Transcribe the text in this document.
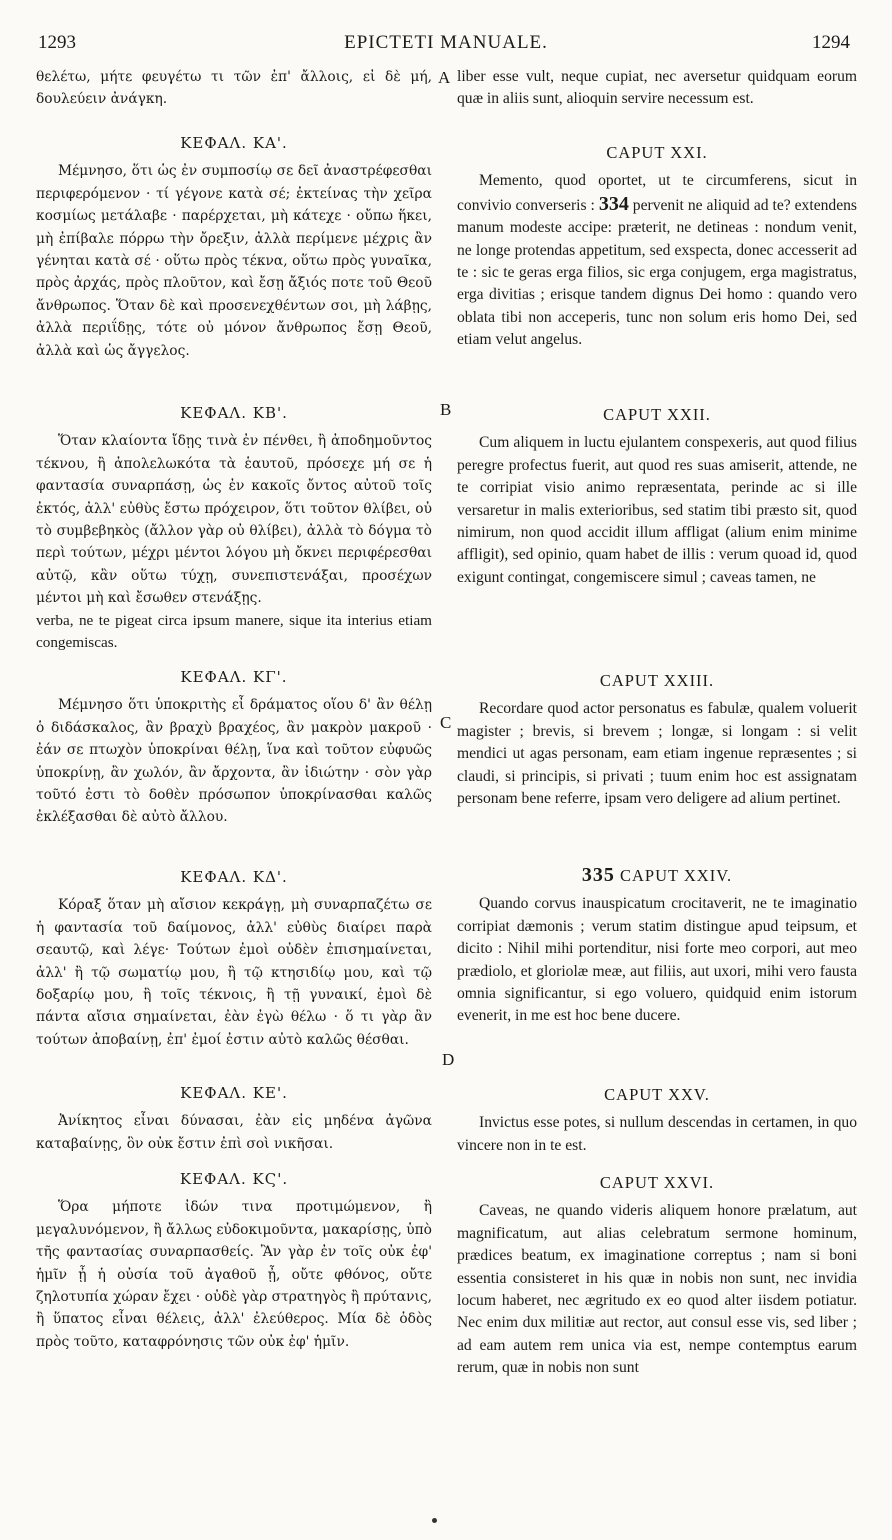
1293	EPICTETI MANUALE.	1294
A
B
C
D

θελέτω, μήτε φευγέτω τι τῶν ἐπ' ἄλλοις, εἰ δὲ μή, δουλεύειν ἀνάγκη.

ΚΕΦΑΛ. ΚΑ'.

Μέμνησο, ὅτι ὡς ἐν συμποσίῳ σε δεῖ ἀναστρέφεσθαι περιφερόμενον · τί γέγονε κατὰ σέ; ἐκτείνας τὴν χεῖρα κοσμίως μετάλαβε · παρέρχεται, μὴ κάτεχε · οὔπω ἥκει, μὴ ἐπίβαλε πόρρω τὴν ὄρεξιν, ἀλλὰ περίμενε μέχρις ἂν γένηται κατὰ σέ · οὕτω πρὸς τέκνα, οὕτω πρὸς γυναῖκα, πρὸς ἀρχάς, πρὸς πλοῦτον, καὶ ἔσῃ ἄξιός ποτε τοῦ Θεοῦ ἄνθρωπος. Ὅταν δὲ καὶ προσενεχθέντων σοι, μὴ λάβῃς, ἀλλὰ περιΐδῃς, τότε οὐ μόνον ἄνθρωπος ἔσῃ Θεοῦ, ἀλλὰ καὶ ὡς ἄγγελος.

ΚΕΦΑΛ. ΚΒ'.

Ὅταν κλαίοντα ἴδῃς τινὰ ἐν πένθει, ἢ ἀποδημοῦντος τέκνου, ἢ ἀπολελωκότα τὰ ἑαυτοῦ, πρόσεχε μή σε ἡ φαντασία συναρπάσῃ, ὡς ἐν κακοῖς ὄντος αὐτοῦ τοῖς ἐκτός, ἀλλ' εὐθὺς ἔστω πρόχειρον, ὅτι τοῦτον θλίβει, οὐ τὸ συμβεβηκὸς (ἄλλον γὰρ οὐ θλίβει), ἀλλὰ τὸ δόγμα τὸ περὶ τούτων, μέχρι μέντοι λόγου μὴ ὄκνει περιφέρεσθαι αὐτῷ, κἂν οὕτω τύχῃ, συνεπιστενάξαι, προσέχων μέντοι μὴ καὶ ἔσωθεν στενάξῃς.

verba, ne te pigeat circa ipsum manere, sique ita interius etiam congemiscas.

ΚΕΦΑΛ. ΚΓ'.

Μέμνησο ὅτι ὑποκριτὴς εἶ δράματος οἵου δ' ἂν θέλῃ ὁ διδάσκαλος, ἂν βραχὺ βραχέος, ἂν μακρὸν μακροῦ · ἐάν σε πτωχὸν ὑποκρίναι θέλῃ, ἵνα καὶ τοῦτον εὐφυῶς ὑποκρίνῃ, ἂν χωλόν, ἂν ἄρχοντα, ἂν ἰδιώτην · σὸν γὰρ τοῦτό ἐστι τὸ δοθὲν πρόσωπον ὑποκρίνασθαι καλῶς ἐκλέξασθαι δὲ αὐτὸ ἄλλου.

ΚΕΦΑΛ. ΚΔ'.

Κόραξ ὅταν μὴ αἴσιον κεκράγῃ, μὴ συναρπαζέτω σε ἡ φαντασία τοῦ δαίμονος, ἀλλ' εὐθὺς διαίρει παρὰ σεαυτῷ, καὶ λέγε· Τούτων ἐμοὶ οὐδὲν ἐπισημαίνεται, ἀλλ' ἢ τῷ σωματίῳ μου, ἢ τῷ κτησιδίῳ μου, καὶ τῷ δοξαρίῳ μου, ἢ τοῖς τέκνοις, ἢ τῇ γυναικί, ἐμοὶ δὲ πάντα αἴσια σημαίνεται, ἐὰν ἐγὼ θέλω · ὅ τι γὰρ ἂν τούτων ἀποβαίνῃ, ἐπ' ἐμοί ἐστιν αὐτὸ καλῶς θέσθαι.

ΚΕΦΑΛ. ΚΕ'.

Ἀνίκητος εἶναι δύνασαι, ἐὰν εἰς μηδένα ἀγῶνα καταβαίνῃς, ὃν οὐκ ἔστιν ἐπὶ σοὶ νικῆσαι.

ΚΕΦΑΛ. ΚϚ'.

Ὅρα μήποτε ἰδών τινα προτιμώμενον, ἢ μεγαλυνόμενον, ἢ ἄλλως εὐδοκιμοῦντα, μακαρίσῃς, ὑπὸ τῆς φαντασίας συναρπασθείς. Ἂν γὰρ ἐν τοῖς οὐκ ἐφ' ἡμῖν ᾖ ἡ οὐσία τοῦ ἀγαθοῦ ᾖ, οὔτε φθόνος, οὔτε ζηλοτυπία χώραν ἔχει · οὐδὲ γὰρ στρατηγὸς ἢ πρύτανις, ἢ ὕπατος εἶναι θέλεις, ἀλλ' ἐλεύθερος. Μία δὲ ὁδὸς πρὸς τοῦτο, καταφρόνησις τῶν οὐκ ἐφ' ἡμῖν.

liber esse vult, neque cupiat, nec aversetur quidquam eorum quæ in aliis sunt, alioquin servire necessum est.

CAPUT XXI.

Memento, quod oportet, ut te circumferens, sicut in convivio converseris : 334 pervenit ne aliquid ad te? extendens manum modeste accipe: præterit, ne detineas : nondum venit, ne longe protendas appetitum, sed exspecta, donec accesserit ad te : sic te geras erga filios, sic erga conjugem, erga magistratus, erga divitias ; erisque tandem dignus Dei homo : quando vero oblata tibi non acceperis, tunc non solum eris homo Dei, sed etiam velut angelus.

CAPUT XXII.

Cum aliquem in luctu ejulantem conspexeris, aut quod filius peregre profectus fuerit, aut quod res suas amiserit, attende, ne te corripiat visio animo repræsentata, perinde ac si ille versaretur in malis exterioribus, sed statim tibi præsto sit, quod nimirum, non quod accidit illum affligat (alium enim minime affligit), sed opinio, quam habet de illis : verum quoad id, quod exigunt contingat, congemiscere simul ; caveas tamen, ne

CAPUT XXIII.

Recordare quod actor personatus es fabulæ, qualem voluerit magister ; brevis, si brevem ; longæ, si longam : si velit mendici ut agas personam, eam etiam ingenue repræsentes ; si claudi, si principis, si privati ; tuum enim hoc est assignatam personam bene referre, ipsam vero deligere ad alium pertinet.

335 CAPUT XXIV.

Quando corvus inauspicatum crocitaverit, ne te imaginatio corripiat dæmonis ; verum statim distingue apud teipsum, et dicito : Nihil mihi portenditur, nisi forte meo corpori, aut meo prædiolo, et gloriolæ meæ, aut filiis, aut uxori, mihi vero fausta omnia significantur, si ego voluero, quidquid enim istorum evenerit, in me est hoc bene ducere.

CAPUT XXV.

Invictus esse potes, si nullum descendas in certamen, in quo vincere non in te est.

CAPUT XXVI.

Caveas, ne quando videris aliquem honore prælatum, aut magnificatum, aut alias celebratum sermone hominum, prædices beatum, ex imaginatione correptus ; nam si boni essentia consisteret in his quæ in nobis non sunt, nec invidia locum haberet, nec ægritudo ex eo quod alter iisdem potiatur. Nec enim dux militiæ aut rector, aut consul esse vis, sed liber ; ad eam autem rem unica via est, nempe contemptus earum rerum, quæ in nobis non sunt
